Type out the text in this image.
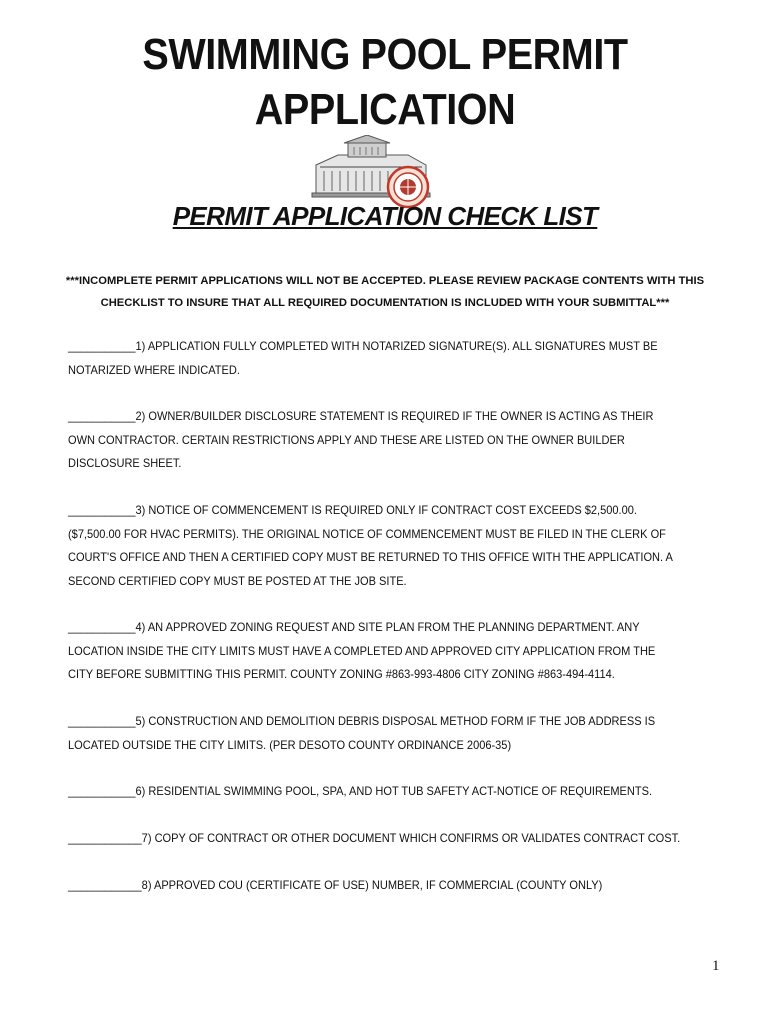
SWIMMING POOL PERMIT
APPLICATION
PERMIT APPLICATION CHECK LIST
***INCOMPLETE PERMIT APPLICATIONS WILL NOT BE ACCEPTED. PLEASE REVIEW PACKAGE CONTENTS WITH THIS
CHECKLIST TO INSURE THAT ALL REQUIRED DOCUMENTATION IS INCLUDED WITH YOUR SUBMITTAL***
___________1) APPLICATION FULLY COMPLETED WITH NOTARIZED SIGNATURE(S). ALL SIGNATURES MUST BE
NOTARIZED WHERE INDICATED.
___________2) OWNER/BUILDER DISCLOSURE STATEMENT IS REQUIRED IF THE OWNER IS ACTING AS THEIR
OWN CONTRACTOR. CERTAIN RESTRICTIONS APPLY AND THESE ARE LISTED ON THE OWNER BUILDER
DISCLOSURE SHEET.
___________3) NOTICE OF COMMENCEMENT IS REQUIRED ONLY IF CONTRACT COST EXCEEDS $2,500.00.
($7,500.00 FOR HVAC PERMITS). THE ORIGINAL NOTICE OF COMMENCEMENT MUST BE FILED IN THE CLERK OF
COURT'S OFFICE AND THEN A CERTIFIED COPY MUST BE RETURNED TO THIS OFFICE WITH THE APPLICATION. A
SECOND CERTIFIED COPY MUST BE POSTED AT THE JOB SITE.
___________4) AN APPROVED ZONING REQUEST AND SITE PLAN FROM THE PLANNING DEPARTMENT. ANY
LOCATION INSIDE THE CITY LIMITS MUST HAVE A COMPLETED AND APPROVED CITY APPLICATION FROM THE
CITY BEFORE SUBMITTING THIS PERMIT. COUNTY ZONING #863-993-4806 CITY ZONING #863-494-4114.
___________5) CONSTRUCTION AND DEMOLITION DEBRIS DISPOSAL METHOD FORM IF THE JOB ADDRESS IS
LOCATED OUTSIDE THE CITY LIMITS. (PER DESOTO COUNTY ORDINANCE 2006-35)
___________6) RESIDENTIAL SWIMMING POOL, SPA, AND HOT TUB SAFETY ACT-NOTICE OF REQUIREMENTS.
____________7) COPY OF CONTRACT OR OTHER DOCUMENT WHICH CONFIRMS OR VALIDATES CONTRACT COST.
____________8) APPROVED COU (CERTIFICATE OF USE) NUMBER, IF COMMERCIAL (COUNTY ONLY)
1
